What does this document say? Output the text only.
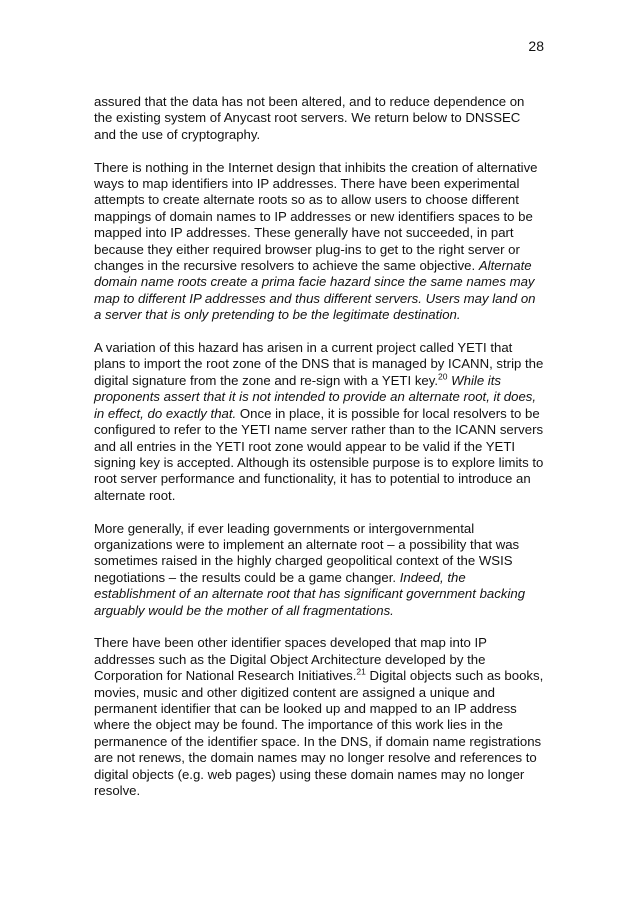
28

assured that the data has not been altered, and to reduce dependence on the existing system of Anycast root servers. We return below to DNSSEC and the use of cryptography.

There is nothing in the Internet design that inhibits the creation of alternative ways to map identifiers into IP addresses. There have been experimental attempts to create alternate roots so as to allow users to choose different mappings of domain names to IP addresses or new identifiers spaces to be mapped into IP addresses. These generally have not succeeded, in part because they either required browser plug-ins to get to the right server or changes in the recursive resolvers to achieve the same objective. Alternate domain name roots create a prima facie hazard since the same names may map to different IP addresses and thus different servers. Users may land on a server that is only pretending to be the legitimate destination.

A variation of this hazard has arisen in a current project called YETI that plans to import the root zone of the DNS that is managed by ICANN, strip the digital signature from the zone and re-sign with a YETI key.$^{20}$ While its proponents assert that it is not intended to provide an alternate root, it does, in effect, do exactly that. Once in place, it is possible for local resolvers to be configured to refer to the YETI name server rather than to the ICANN servers and all entries in the YETI root zone would appear to be valid if the YETI signing key is accepted. Although its ostensible purpose is to explore limits to root server performance and functionality, it has to potential to introduce an alternate root.

More generally, if ever leading governments or intergovernmental organizations were to implement an alternate root – a possibility that was sometimes raised in the highly charged geopolitical context of the WSIS negotiations – the results could be a game changer. Indeed, the establishment of an alternate root that has significant government backing arguably would be the mother of all fragmentations.

There have been other identifier spaces developed that map into IP addresses such as the Digital Object Architecture developed by the Corporation for National Research Initiatives.$^{21}$ Digital objects such as books, movies, music and other digitized content are assigned a unique and permanent identifier that can be looked up and mapped to an IP address where the object may be found. The importance of this work lies in the permanence of the identifier space. In the DNS, if domain name registrations are not renews, the domain names may no longer resolve and references to digital objects (e.g. web pages) using these domain names may no longer resolve.
